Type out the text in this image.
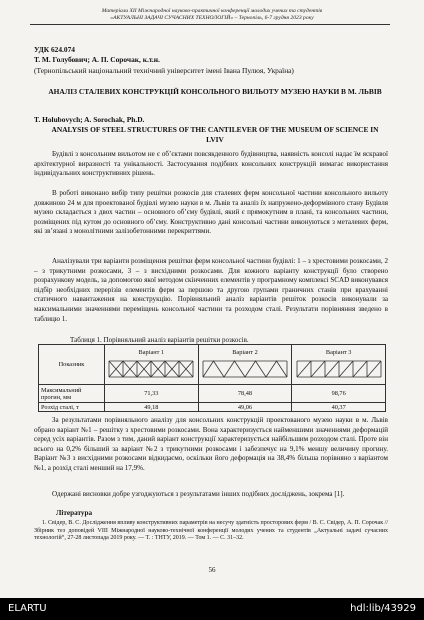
Матеріали XII Міжнародної науково-практичної конференції молодих учених та студентів
«АКТУАЛЬНІ ЗАДАЧІ СУЧАСНИХ ТЕХНОЛОГІЙ» – Тернопіль, 6-7 грудня 2023 року
УДК 624.074
Т. М. Голубович; А. П. Сорочак, к.т.н.
(Тернопільський національний технічний університет імені Івана Пулюя, Україна)
АНАЛІЗ СТАЛЕВИХ КОНСТРУКЦІЙ КОНСОЛЬНОГО ВИЛЬОТУ МУЗЕЮ НАУКИ В М. ЛЬВІВ
T. Holubovych; A. Sorochak, Ph.D.
ANALYSIS OF STEEL STRUCTURES OF THE CANTILEVER OF THE MUSEUM OF SCIENCE IN LVIV
Будівлі з консольним вильотом не є об’єктами повсякденного будівництва, наявність консолі надає їм яскравої архітектурної виразності та унікальності. Застосування подібних консольних конструкцій вимагає використання індивідуальних конструктивних рішень.
В роботі виконано вибір типу решітки розкосів для сталевих ферм консольної частини консольного вильоту довжиною 24 м для проектованої будівлі музею науки в м. Львів та аналіз їх напружено-деформівного стану Будівля музею складається з двох частин – основного об’єму будівлі, який є прямокутним в плані, та консольних частини, розміщених під кутом до основного об’єму. Конструктивно дані консольні частини виконуються з металевих ферм, які зв’язані з монолітними залізобетонними перекриттями.
Аналізували три варіанти розміщення решітки ферм консольної частини будівлі: 1 – з хрестовими розкосами, 2 – з трикутними розкосами, 3 – з висхідними розкосами. Для кожного варіанту конструкції було створено розрахункову модель, за допомогою якої методом скінченних елементів у програмному комплексі SCAD виконувався підбір необхідних перерізів елементів ферм за першою та другою групами граничних станів при врахуванні статичного навантаження на конструкцію. Порівняльний аналіз варіантів решіток розкосів виконували за максимальними значеннями переміщень консольної частини та розходом сталі. Результати порівняння зведено в таблицю 1.
Таблиця 1. Порівняльний аналіз варіантів решітки розкосів.
Показник	Варіант 1	Варіант 2	Варіант 3

Максимальний прогин, мм	71,33	78,48	98,76
Розхід сталі, т	49,18	49,06	40,37
За результатами порівняльного аналізу для консольних конструкцій проектованого музею науки в м. Львів обрано варіант №1 – решітку з хрестовими розкосами. Вона характеризується найменшими значеннями деформацій серед усіх варіантів. Разом з тим, даний варіант конструкції характеризується найбільшим розходом сталі. Проте він всього на 0,2% більший за варіант №2 з трикутними розкосами і забезпечує на 9,1% меншу величину прогину. Варіант №3 з висхідними розкосами відкидаємо, оскільки його деформація на 38,4% більша порівняно з варіантом №1, а розхід сталі менший на 17,9%.
Одержані висновки добре узгоджуються з результатами інших подібних досліджень, зокрема [1].
Література
1. Свідер, В. С. Дослідження впливу конструктивних параметрів на несучу здатність просторових ферм / В. С. Свідер, А. П. Сорочак // Збірник тез доповідей VIII Міжнародної науково-технічної конференції молодих учених та студентів „Актуальні задачі сучасних технологій“, 27-28 листопада 2019 року. — Т. : ТНТУ, 2019. — Том 1. — С. 31–32.
56
ELARTU	hdl:lib/43929
